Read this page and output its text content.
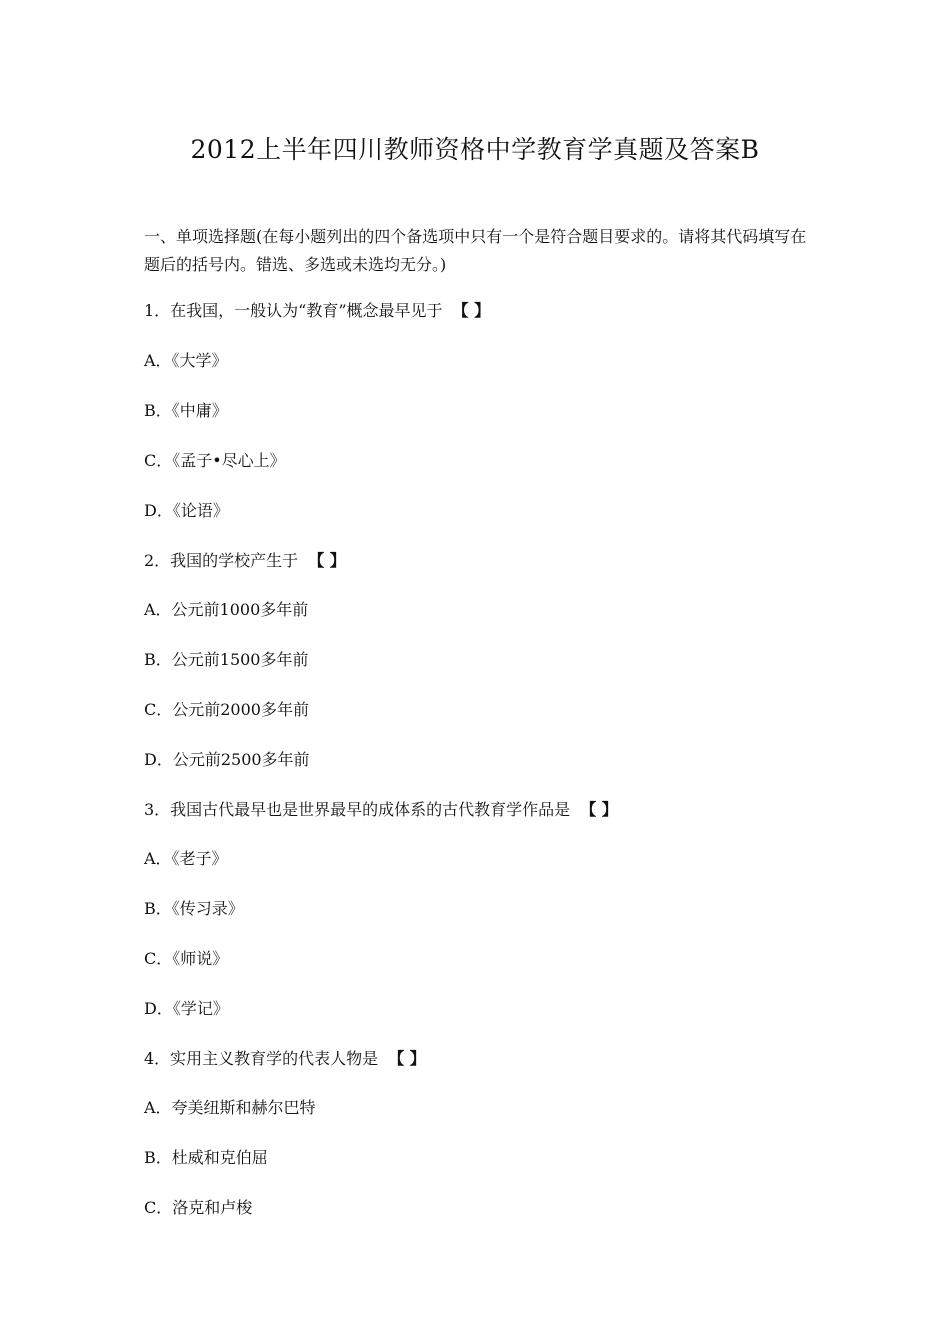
2012上半年四川教师资格中学教育学真题及答案B
一、单项选择题(在每小题列出的四个备选项中只有一个是符合题目要求的。请将其代码填写在题后的括号内。错选、多选或未选均无分。)
1．在我国，一般认为“教育”概念最早见于 【 】
A．《大学》
B．《中庸》
C．《孟子•尽心上》
D．《论语》
2．我国的学校产生于 【 】
A．公元前1000多年前
B．公元前1500多年前
C．公元前2000多年前
D．公元前2500多年前
3．我国古代最早也是世界最早的成体系的古代教育学作品是 【 】
A．《老子》
B．《传习录》
C．《师说》
D．《学记》
4．实用主义教育学的代表人物是 【 】
A．夸美纽斯和赫尔巴特
B．杜威和克伯屈
C．洛克和卢梭
